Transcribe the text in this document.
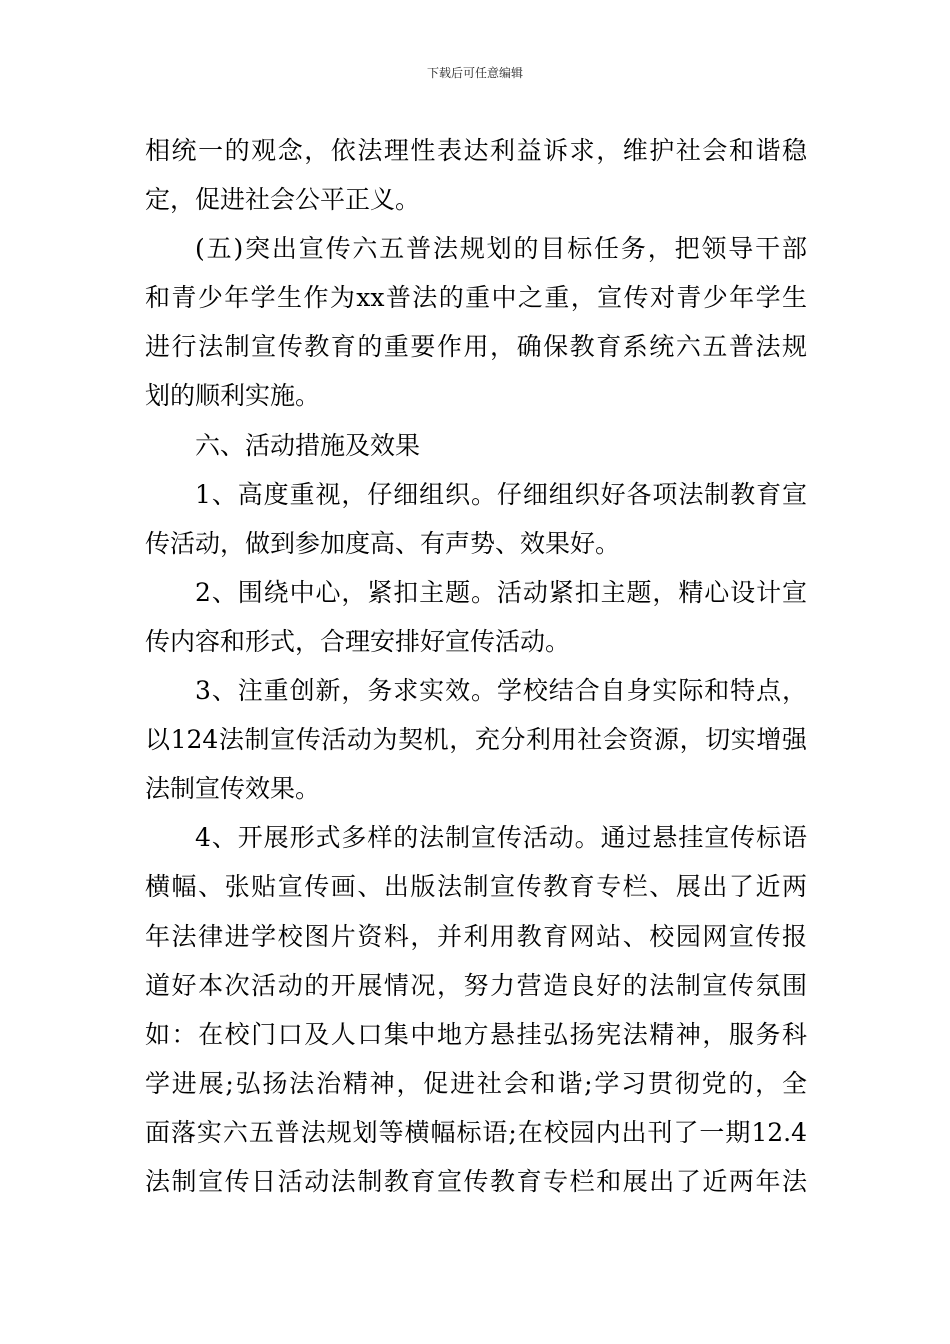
下载后可任意编辑
相统一的观念，依法理性表达利益诉求，维护社会和谐稳
定，促进社会公平正义。
(五)突出宣传六五普法规划的目标任务，把领导干部
和青少年学生作为xx普法的重中之重，宣传对青少年学生
进行法制宣传教育的重要作用，确保教育系统六五普法规
划的顺利实施。
六、活动措施及效果
1、高度重视，仔细组织。仔细组织好各项法制教育宣
传活动，做到参加度高、有声势、效果好。
2、围绕中心，紧扣主题。活动紧扣主题，精心设计宣
传内容和形式，合理安排好宣传活动。
3、注重创新，务求实效。学校结合自身实际和特点，
以124法制宣传活动为契机，充分利用社会资源，切实增强
法制宣传效果。
4、开展形式多样的法制宣传活动。通过悬挂宣传标语
横幅、张贴宣传画、出版法制宣传教育专栏、展出了近两
年法律进学校图片资料，并利用教育网站、校园网宣传报
道好本次活动的开展情况，努力营造良好的法制宣传氛围
如：在校门口及人口集中地方悬挂弘扬宪法精神，服务科
学进展;弘扬法治精神，促进社会和谐;学习贯彻党的，全
面落实六五普法规划等横幅标语;在校园内出刊了一期12.4
法制宣传日活动法制教育宣传教育专栏和展出了近两年法
